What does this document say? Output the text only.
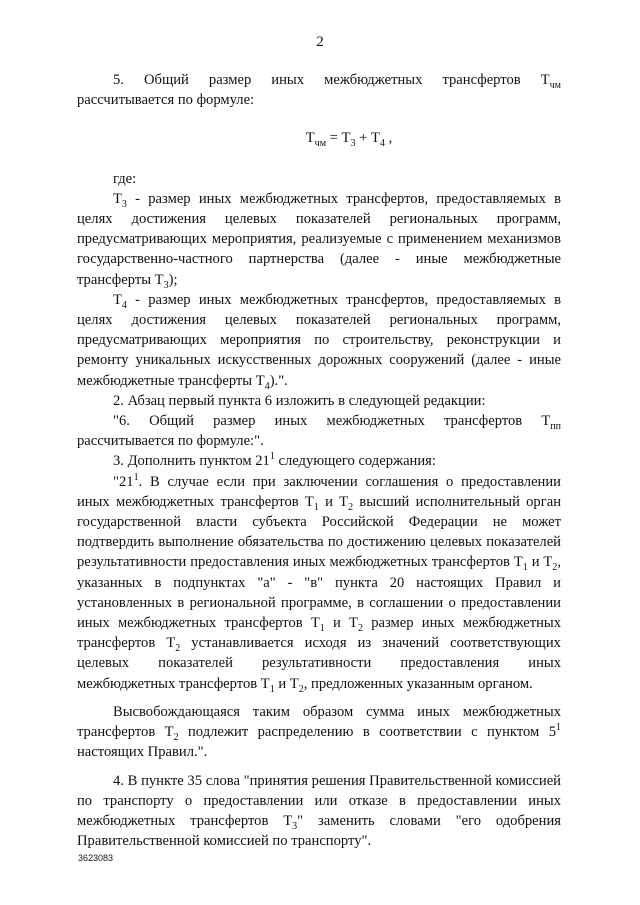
2

5. Общий размер иных межбюджетных трансфертов $Т_{чм}$ рассчитывается по формуле:

$Т_{чм} = Т_3 + Т_4$ ,

где:

$Т_3$ - размер иных межбюджетных трансфертов, предоставляемых в целях достижения целевых показателей региональных программ, предусматривающих мероприятия, реализуемые с применением механизмов государственно-частного партнерства (далее - иные межбюджетные трансферты $Т_3$);

$Т_4$ - размер иных межбюджетных трансфертов, предоставляемых в целях достижения целевых показателей региональных программ, предусматривающих мероприятия по строительству, реконструкции и ремонту уникальных искусственных дорожных сооружений (далее - иные межбюджетные трансферты $Т_4$).".

2. Абзац первый пункта 6 изложить в следующей редакции:

"6. Общий размер иных межбюджетных трансфертов $Т_{пп}$ рассчитывается по формуле:".

3. Дополнить пунктом $21^1$ следующего содержания:

"$21^1$. В случае если при заключении соглашения о предоставлении иных межбюджетных трансфертов $Т_1$ и $Т_2$ высший исполнительный орган государственной власти субъекта Российской Федерации не может подтвердить выполнение обязательства по достижению целевых показателей результативности предоставления иных межбюджетных трансфертов $Т_1$ и $Т_2$, указанных в подпунктах "а" - "в" пункта 20 настоящих Правил и установленных в региональной программе, в соглашении о предоставлении иных межбюджетных трансфертов $Т_1$ и $Т_2$ размер иных межбюджетных трансфертов $Т_2$ устанавливается исходя из значений соответствующих целевых показателей результативности предоставления иных межбюджетных трансфертов $Т_1$ и $Т_2$, предложенных указанным органом.

Высвобождающаяся таким образом сумма иных межбюджетных трансфертов $Т_2$ подлежит распределению в соответствии с пунктом $5^1$ настоящих Правил.".

4. В пункте 35 слова "принятия решения Правительственной комиссией по транспорту о предоставлении или отказе в предоставлении иных межбюджетных трансфертов $Т_3$" заменить словами "его одобрения Правительственной комиссией по транспорту".

3623083
